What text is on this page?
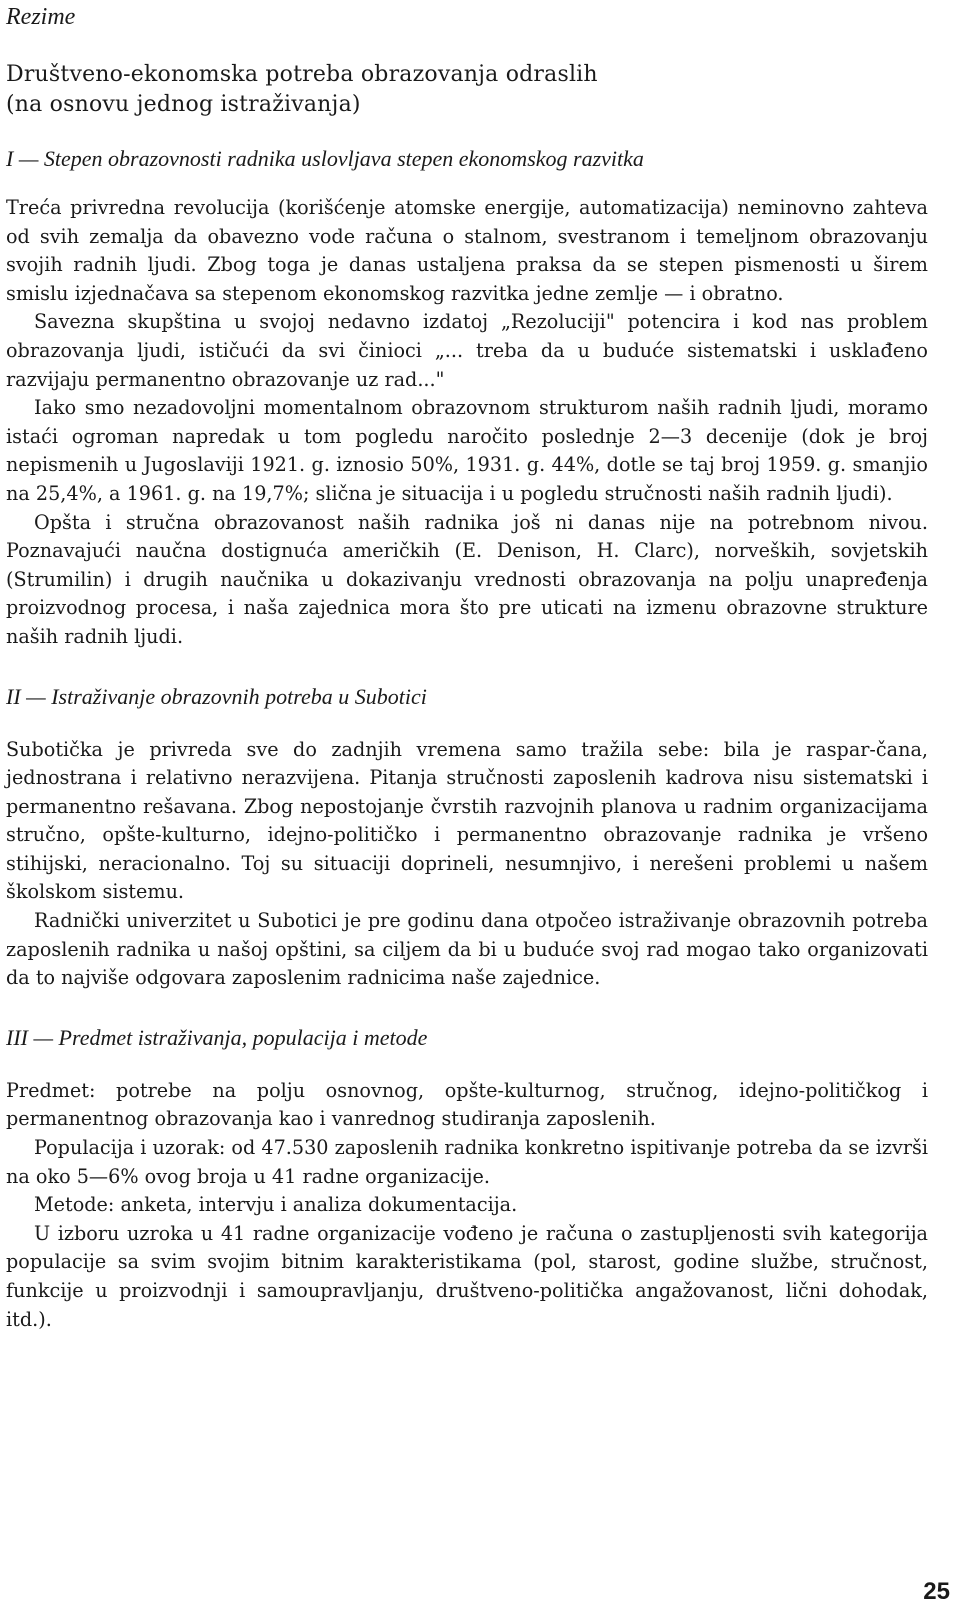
Rezime
Društveno-ekonomska potreba obrazovanja odraslih
(na osnovu jednog istraživanja)
I — Stepen obrazovnosti radnika uslovljava stepen ekonomskog razvitka

Treća privredna revolucija (korišćenje atomske energije, automatizacija) neminovno zahteva od svih zemalja da obavezno vode računa o stalnom, svestranom i temeljnom obrazovanju svojih radnih ljudi. Zbog toga je danas ustaljena praksa da se stepen pismenosti u širem smislu izjednačava sa stepenom ekonomskog razvitka jedne zemlje — i obratno.

Savezna skupština u svojoj nedavno izdatoj „Rezoluciji" potencira i kod nas problem obrazovanja ljudi, ističući da svi činioci „... treba da u buduće sistematski i usklađeno razvijaju permanentno obrazovanje uz rad..."

Iako smo nezadovoljni momentalnom obrazovnom strukturom naših radnih ljudi, moramo istaći ogroman napredak u tom pogledu naročito poslednje 2—3 decenije (dok je broj nepismenih u Jugoslaviji 1921. g. iznosio 50%, 1931. g. 44%, dotle se taj broj 1959. g. smanjio na 25,4%, a 1961. g. na 19,7%; slična je situacija i u pogledu stručnosti naših radnih ljudi).

Opšta i stručna obrazovanost naših radnika još ni danas nije na potrebnom nivou. Poznavajući naučna dostignuća američkih (E. Denison, H. Clarc), norveških, sovjetskih (Strumilin) i drugih naučnika u dokazivanju vrednosti obrazovanja na polju unapređenja proizvodnog procesa, i naša zajednica mora što pre uticati na izmenu obrazovne strukture naših radnih ljudi.

II — Istraživanje obrazovnih potreba u Subotici

Subotička je privreda sve do zadnjih vremena samo tražila sebe: bila je raspar-čana, jednostrana i relativno nerazvijena. Pitanja stručnosti zaposlenih kadrova nisu sistematski i permanentno rešavana. Zbog nepostojanje čvrstih razvojnih planova u radnim organizacijama stručno, opšte-kulturno, idejno-političko i permanentno obrazovanje radnika je vršeno stihijski, neracionalno. Toj su situaciji doprineli, nesumnjivo, i nerešeni problemi u našem školskom sistemu.

Radnički univerzitet u Subotici je pre godinu dana otpočeo istraživanje obrazovnih potreba zaposlenih radnika u našoj opštini, sa ciljem da bi u buduće svoj rad mogao tako organizovati da to najviše odgovara zaposlenim radnicima naše zajednice.

III — Predmet istraživanja, populacija i metode

Predmet: potrebe na polju osnovnog, opšte-kulturnog, stručnog, idejno-političkog i permanentnog obrazovanja kao i vanrednog studiranja zaposlenih.

Populacija i uzorak: od 47.530 zaposlenih radnika konkretno ispitivanje potreba da se izvrši na oko 5—6% ovog broja u 41 radne organizacije.

Metode: anketa, intervju i analiza dokumentacija.

U izboru uzroka u 41 radne organizacije vođeno je računa o zastupljenosti svih kategorija populacije sa svim svojim bitnim karakteristikama (pol, starost, godine službe, stručnost, funkcije u proizvodnji i samoupravljanju, društveno-politička angažovanost, lični dohodak, itd.).

25
